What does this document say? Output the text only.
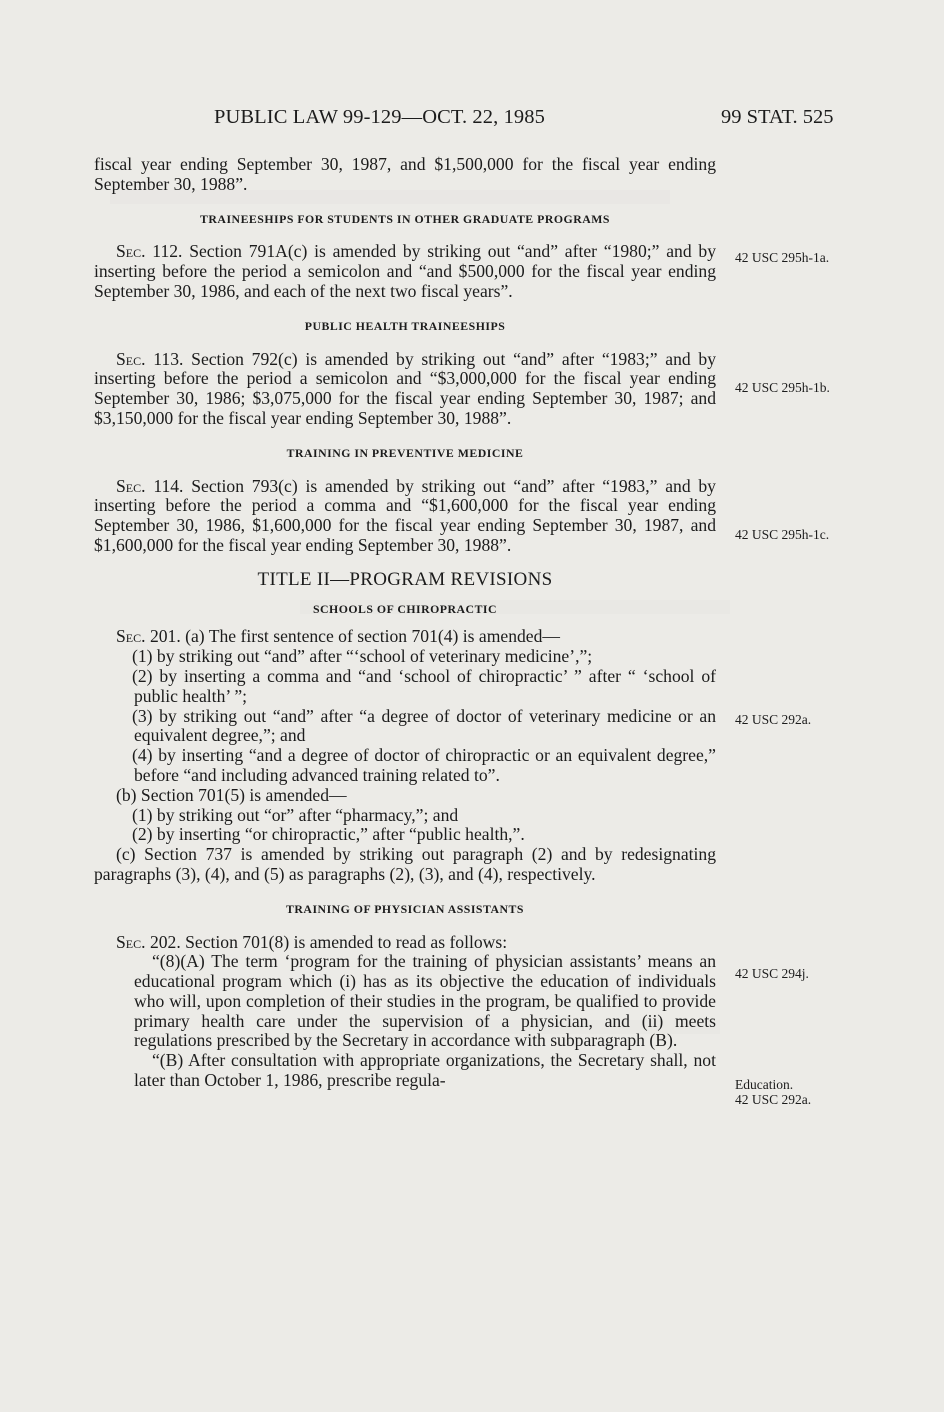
PUBLIC LAW 99-129—OCT. 22, 1985	99 STAT. 525

fiscal year ending September 30, 1987, and $1,500,000 for the fiscal year ending September 30, 1988”.

TRAINEESHIPS FOR STUDENTS IN OTHER GRADUATE PROGRAMS

Sec. 112. Section 791A(c) is amended by striking out “and” after “1980;” and by inserting before the period a semicolon and “and $500,000 for the fiscal year ending September 30, 1986, and each of the next two fiscal years”.

PUBLIC HEALTH TRAINEESHIPS

Sec. 113. Section 792(c) is amended by striking out “and” after “1983;” and by inserting before the period a semicolon and “$3,000,000 for the fiscal year ending September 30, 1986; $3,075,000 for the fiscal year ending September 30, 1987; and $3,150,000 for the fiscal year ending September 30, 1988”.

TRAINING IN PREVENTIVE MEDICINE

Sec. 114. Section 793(c) is amended by striking out “and” after “1983,” and by inserting before the period a comma and “$1,600,000 for the fiscal year ending September 30, 1986, $1,600,000 for the fiscal year ending September 30, 1987, and $1,600,000 for the fiscal year ending September 30, 1988”.

TITLE II—PROGRAM REVISIONS
SCHOOLS OF CHIROPRACTIC

Sec. 201. (a) The first sentence of section 701(4) is amended—

(1) by striking out “and” after “‘school of veterinary medicine’,”;

(2) by inserting a comma and “and ‘school of chiropractic’ ” after “ ‘school of public health’ ”;

(3) by striking out “and” after “a degree of doctor of veterinary medicine or an equivalent degree,”; and

(4) by inserting “and a degree of doctor of chiropractic or an equivalent degree,” before “and including advanced training related to”.

(b) Section 701(5) is amended—

(1) by striking out “or” after “pharmacy,”; and

(2) by inserting “or chiropractic,” after “public health,”.

(c) Section 737 is amended by striking out paragraph (2) and by redesignating paragraphs (3), (4), and (5) as paragraphs (2), (3), and (4), respectively.

TRAINING OF PHYSICIAN ASSISTANTS

Sec. 202. Section 701(8) is amended to read as follows:

“(8)(A) The term ‘program for the training of physician assistants’ means an educational program which (i) has as its objective the education of individuals who will, upon completion of their studies in the program, be qualified to provide primary health care under the supervision of a physician, and (ii) meets regulations prescribed by the Secretary in accordance with subparagraph (B).

“(B) After consultation with appropriate organizations, the Secretary shall, not later than October 1, 1986, prescribe regula-

42 USC 295h-1a.
42 USC 295h-1b.
42 USC 295h-1c.
42 USC 292a.
42 USC 294j.
Education.
42 USC 292a.
